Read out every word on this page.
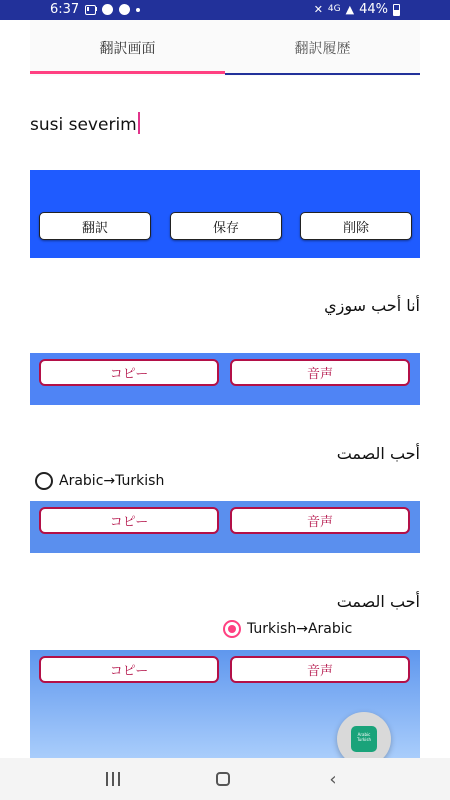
6:37	✕ 4G ▲ 44%
翻訳画面	翻訳履歴
susi severim
Arabic→Turkish
Turkish→Arabic
翻訳	保存	削除
أنا أحب سوزي
コピー	音声
أحب الصمت
コピー	音声
أحب الصمت
コピー	音声
Arabic
Turkish
‹
